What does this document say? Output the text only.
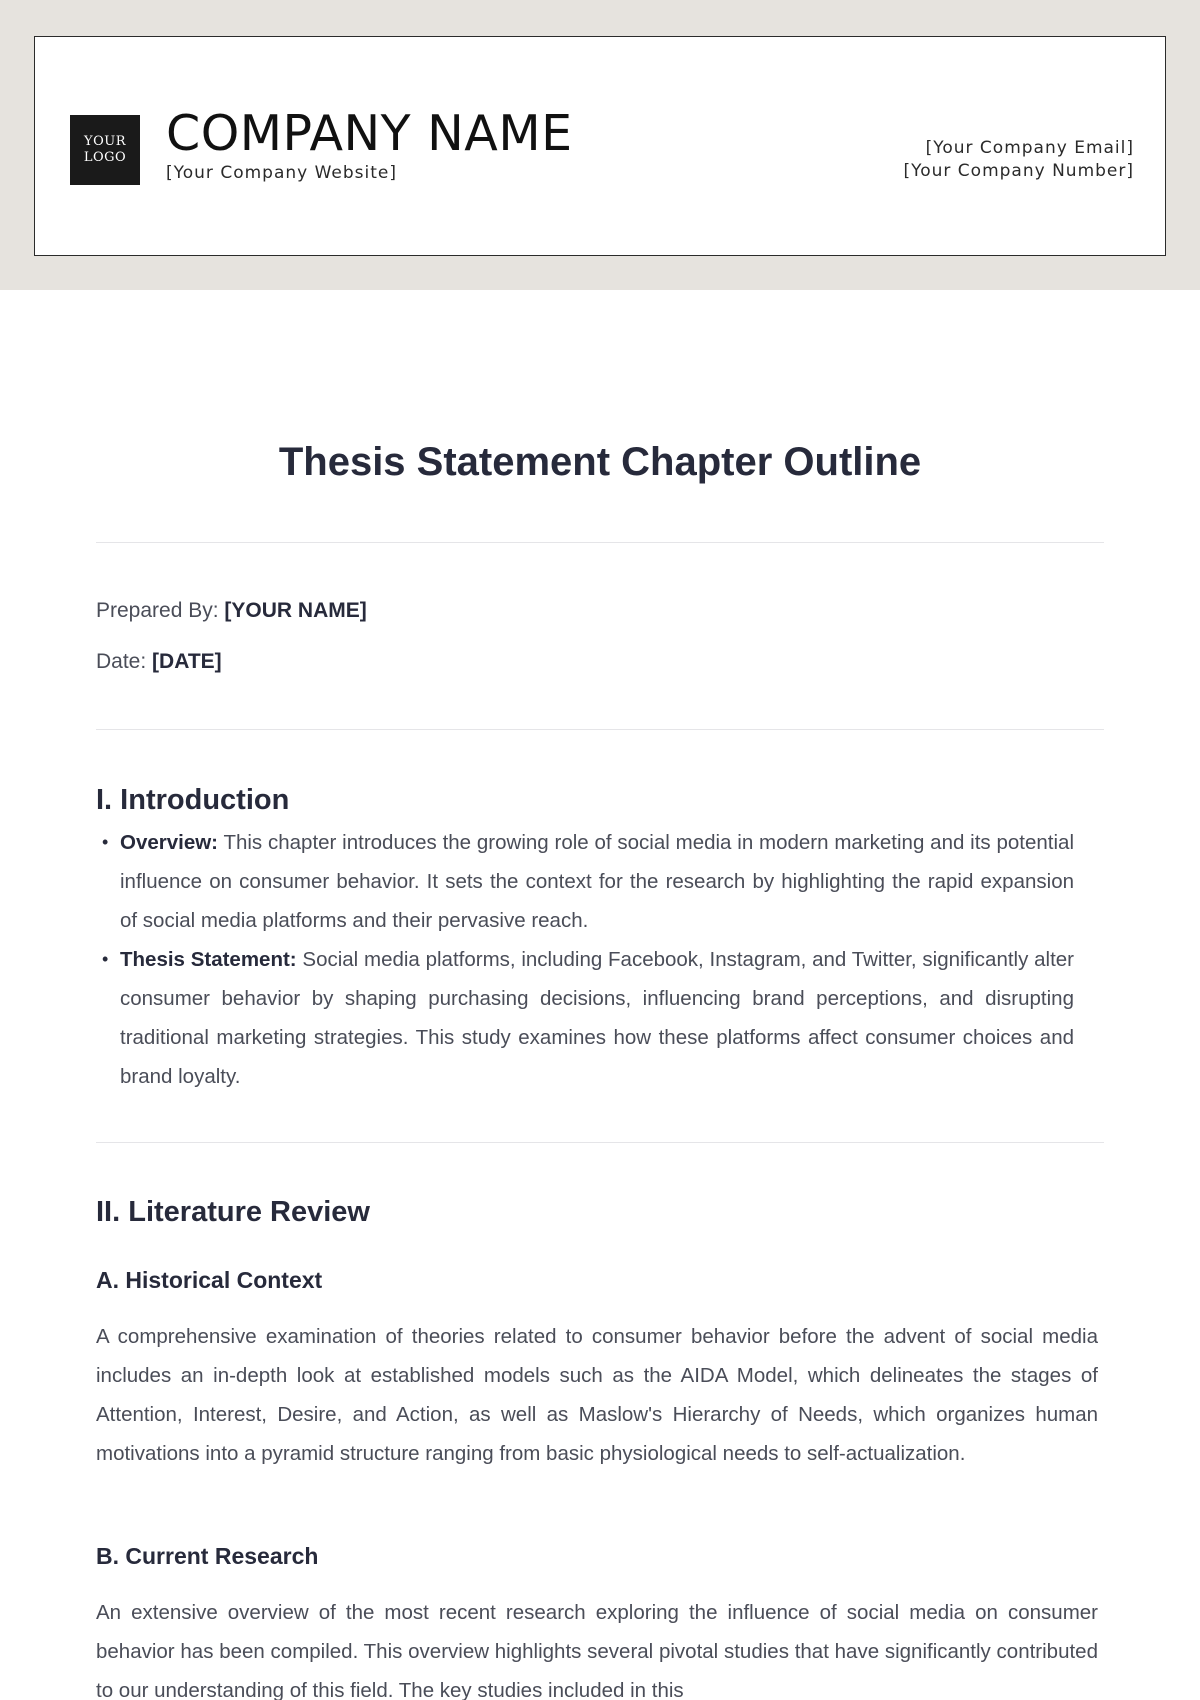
YOUR
LOGO COMPANY NAME
[Your Company Website]
[Your Company Email]
[Your Company Number]
Thesis Statement Chapter Outline
Prepared By: [YOUR NAME]
Date: [DATE]
I. Introduction
• Overview: This chapter introduces the growing role of social media in modern marketing and its potential influence on consumer behavior. It sets the context for the research by highlighting the rapid expansion of social media platforms and their pervasive reach.
• Thesis Statement: Social media platforms, including Facebook, Instagram, and Twitter, significantly alter consumer behavior by shaping purchasing decisions, influencing brand perceptions, and disrupting traditional marketing strategies. This study examines how these platforms affect consumer choices and brand loyalty.
II. Literature Review
A. Historical Context

A comprehensive examination of theories related to consumer behavior before the advent of social media includes an in-depth look at established models such as the AIDA Model, which delineates the stages of Attention, Interest, Desire, and Action, as well as Maslow's Hierarchy of Needs, which organizes human motivations into a pyramid structure ranging from basic physiological needs to self-actualization.

B. Current Research

An extensive overview of the most recent research exploring the influence of social media on consumer behavior has been compiled. This overview highlights several pivotal studies that have significantly contributed to our understanding of this field. The key studies included in this
